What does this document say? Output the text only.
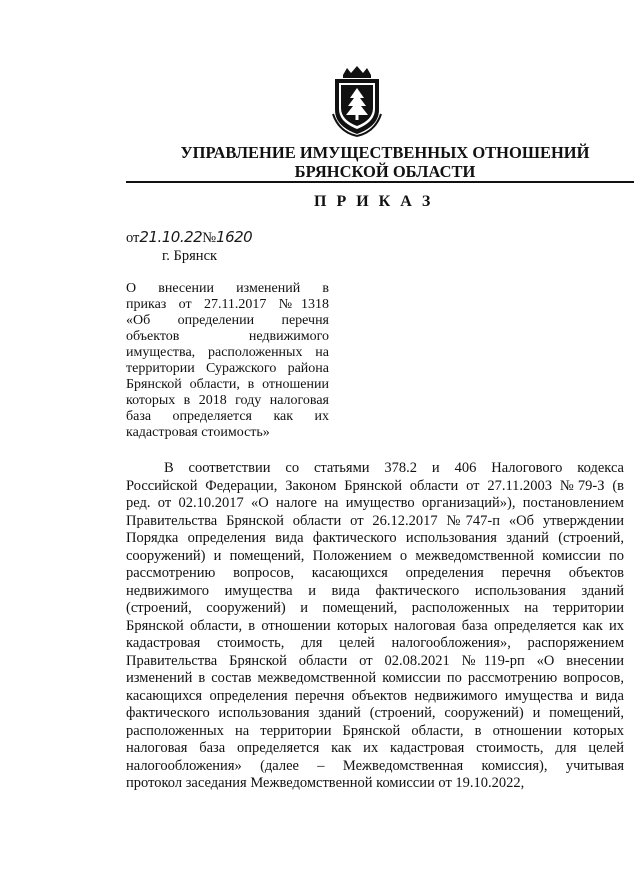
УПРАВЛЕНИЕ ИМУЩЕСТВЕННЫХ ОТНОШЕНИЙ
БРЯНСКОЙ ОБЛАСТИ
П Р И К А З
от21.10.22№1620
г. Брянск
О внесении изменений в
приказ от 27.11.2017 №1318
«Об определении перечня
объектов недвижимого
имущества, расположенных на
территории Суражского района
Брянской области, в отношении
которых в 2018 году налоговая
база определяется как их
кадастровая стоимость»
В соответствии со статьями 378.2 и 406 Налогового кодекса
Российской Федерации, Законом Брянской области от 27.11.2003 №79-З (в
ред. от 02.10.2017 «О налоге на имущество организаций»), постановлением
Правительства Брянской области от 26.12.2017 №747-п «Об утверждении
Порядка определения вида фактического использования зданий (строений,
сооружений) и помещений, Положением о межведомственной комиссии по
рассмотрению вопросов, касающихся определения перечня объектов
недвижимого имущества и вида фактического использования зданий
(строений, сооружений) и помещений, расположенных на территории
Брянской области, в отношении которых налоговая база определяется как их
кадастровая стоимость, для целей налогообложения», распоряжением
Правительства Брянской области от 02.08.2021 №119-рп «О внесении
изменений в состав межведомственной комиссии по рассмотрению вопросов,
касающихся определения перечня объектов недвижимого имущества и вида
фактического использования зданий (строений, сооружений) и помещений,
расположенных на территории Брянской области, в отношении которых
налоговая база определяется как их кадастровая стоимость, для целей
налогообложения» (далее – Межведомственная комиссия), учитывая
протокол заседания Межведомственной комиссии от 19.10.2022,
